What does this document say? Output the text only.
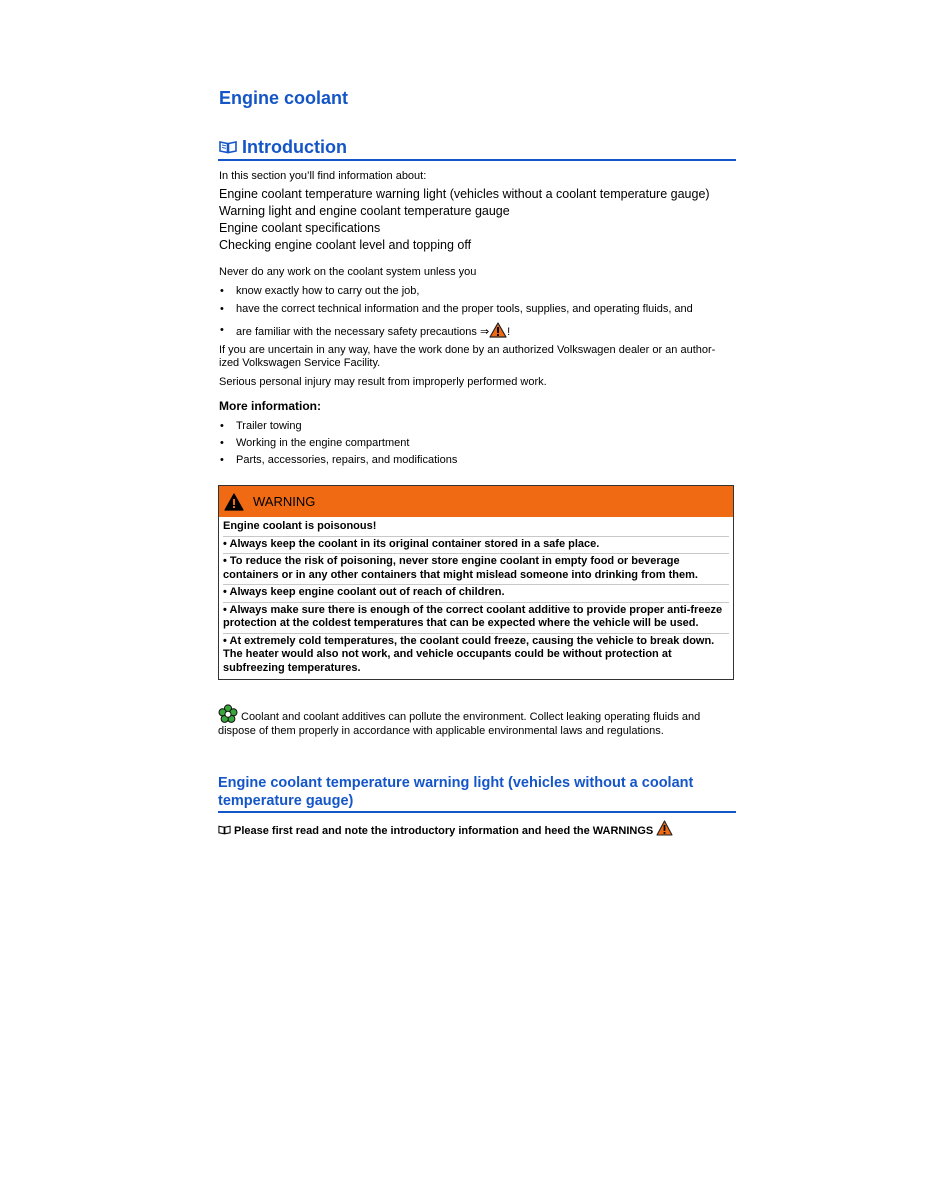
Engine coolant
Introduction
In this section you’ll find information about:
Engine coolant temperature warning light (vehicles without a coolant temperature gauge)
Warning light and engine coolant temperature gauge
Engine coolant specifications
Checking engine coolant level and topping off
Never do any work on the coolant system unless you
• know exactly how to carry out the job,
• have the correct technical information and the proper tools, supplies, and operating fluids, and
• are familiar with the necessary safety precautions ⇒ !
If you are uncertain in any way, have the work done by an authorized Volkswagen dealer or an author-ized Volkswagen Service Facility.
Serious personal injury may result from improperly performed work.
More information:
• Trailer towing
• Working in the engine compartment
• Parts, accessories, repairs, and modifications
WARNING
Engine coolant is poisonous!
• Always keep the coolant in its original container stored in a safe place.
• To reduce the risk of poisoning, never store engine coolant in empty food or beverage containers or in any other containers that might mislead someone into drinking from them.
• Always keep engine coolant out of reach of children.
• Always make sure there is enough of the correct coolant additive to provide proper anti-freeze protection at the coldest temperatures that can be expected where the vehicle will be used.
• At extremely cold temperatures, the coolant could freeze, causing the vehicle to break down. The heater would also not work, and vehicle occupants could be without protection at subfreezing temperatures.
Coolant and coolant additives can pollute the environment. Collect leaking operating fluids and dispose of them properly in accordance with applicable environmental laws and regulations.
Engine coolant temperature warning light (vehicles without a coolant temperature gauge)
Please first read and note the introductory information and heed the WARNINGS
